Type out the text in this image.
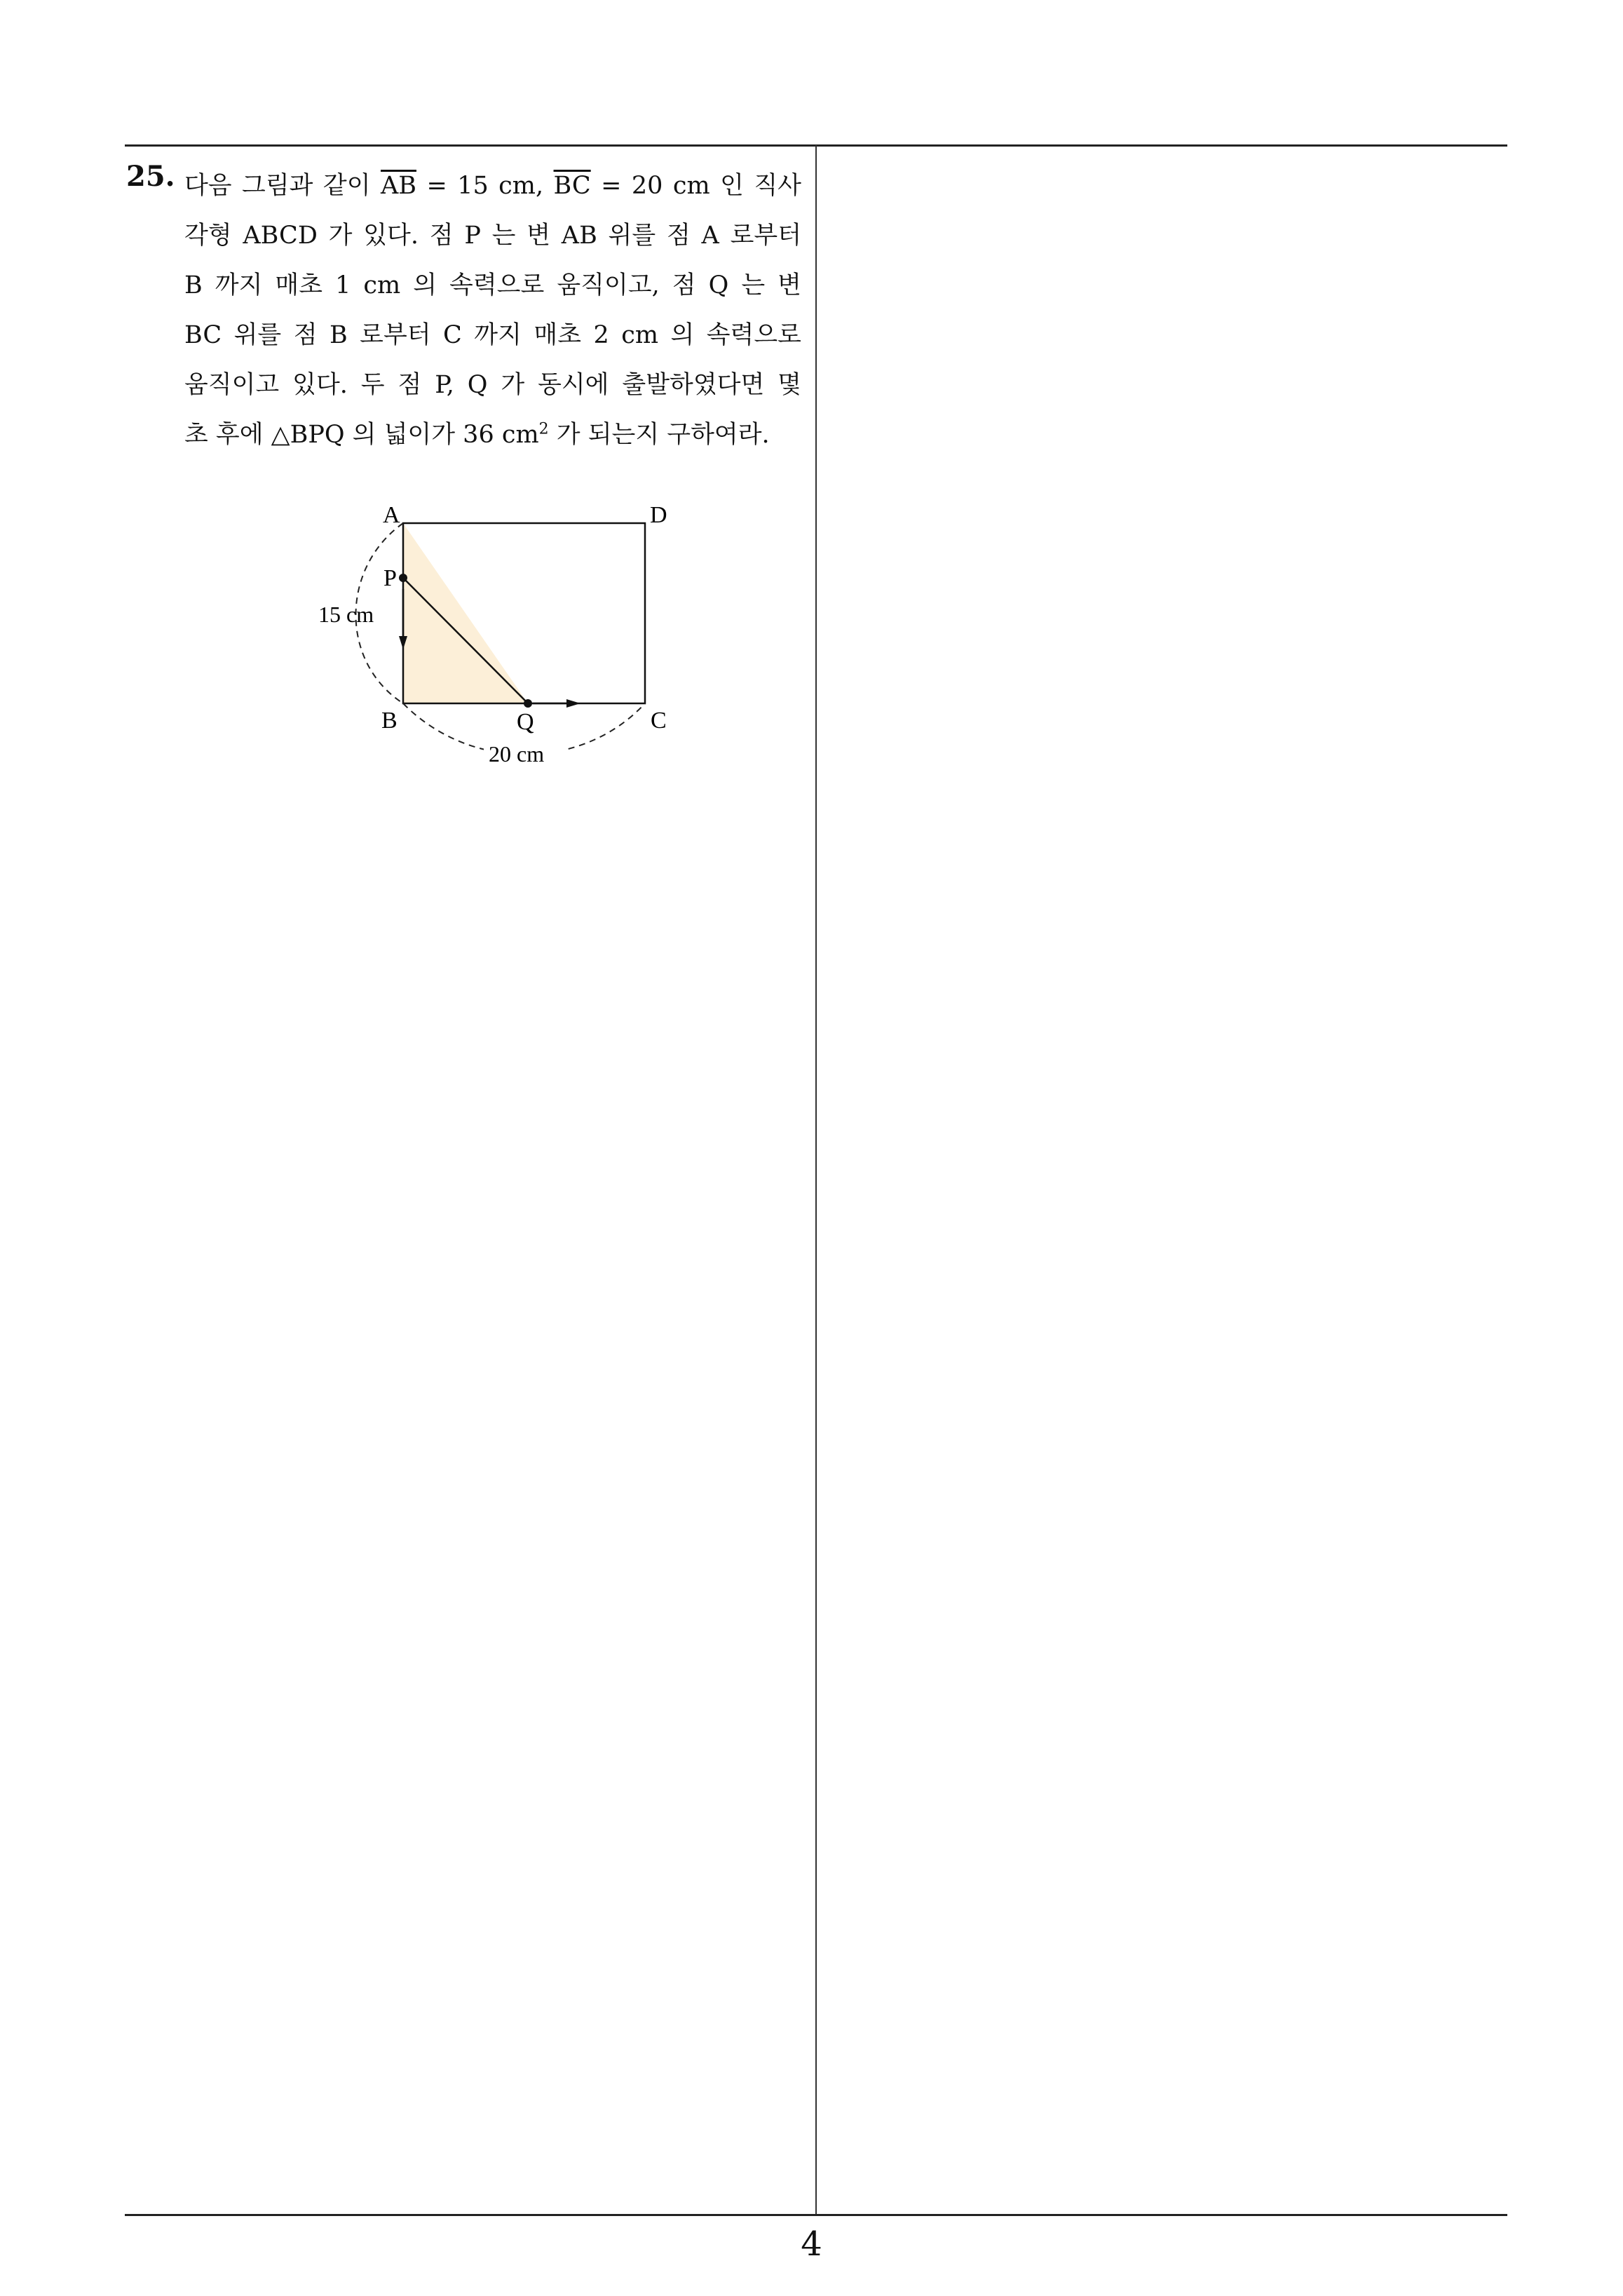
25. 다음 그림과 같이 $\overline{AB} = 15$ cm, $\overline{BC} = 20$ cm 인 직사
각형 ABCD 가 있다. 점 P 는 변 AB 위를 점 A 로부터
B 까지 매초 1 cm 의 속력으로 움직이고, 점 Q 는 변
BC 위를 점 B 로부터 C 까지 매초 2 cm 의 속력으로
움직이고 있다. 두 점 P, Q 가 동시에 출발하였다면 몇
초 후에 △BPQ 의 넓이가 36 $cm^2$ 가 되는지 구하여라.
A	D
P
B	Q	C
15 cm
20 cm
4
